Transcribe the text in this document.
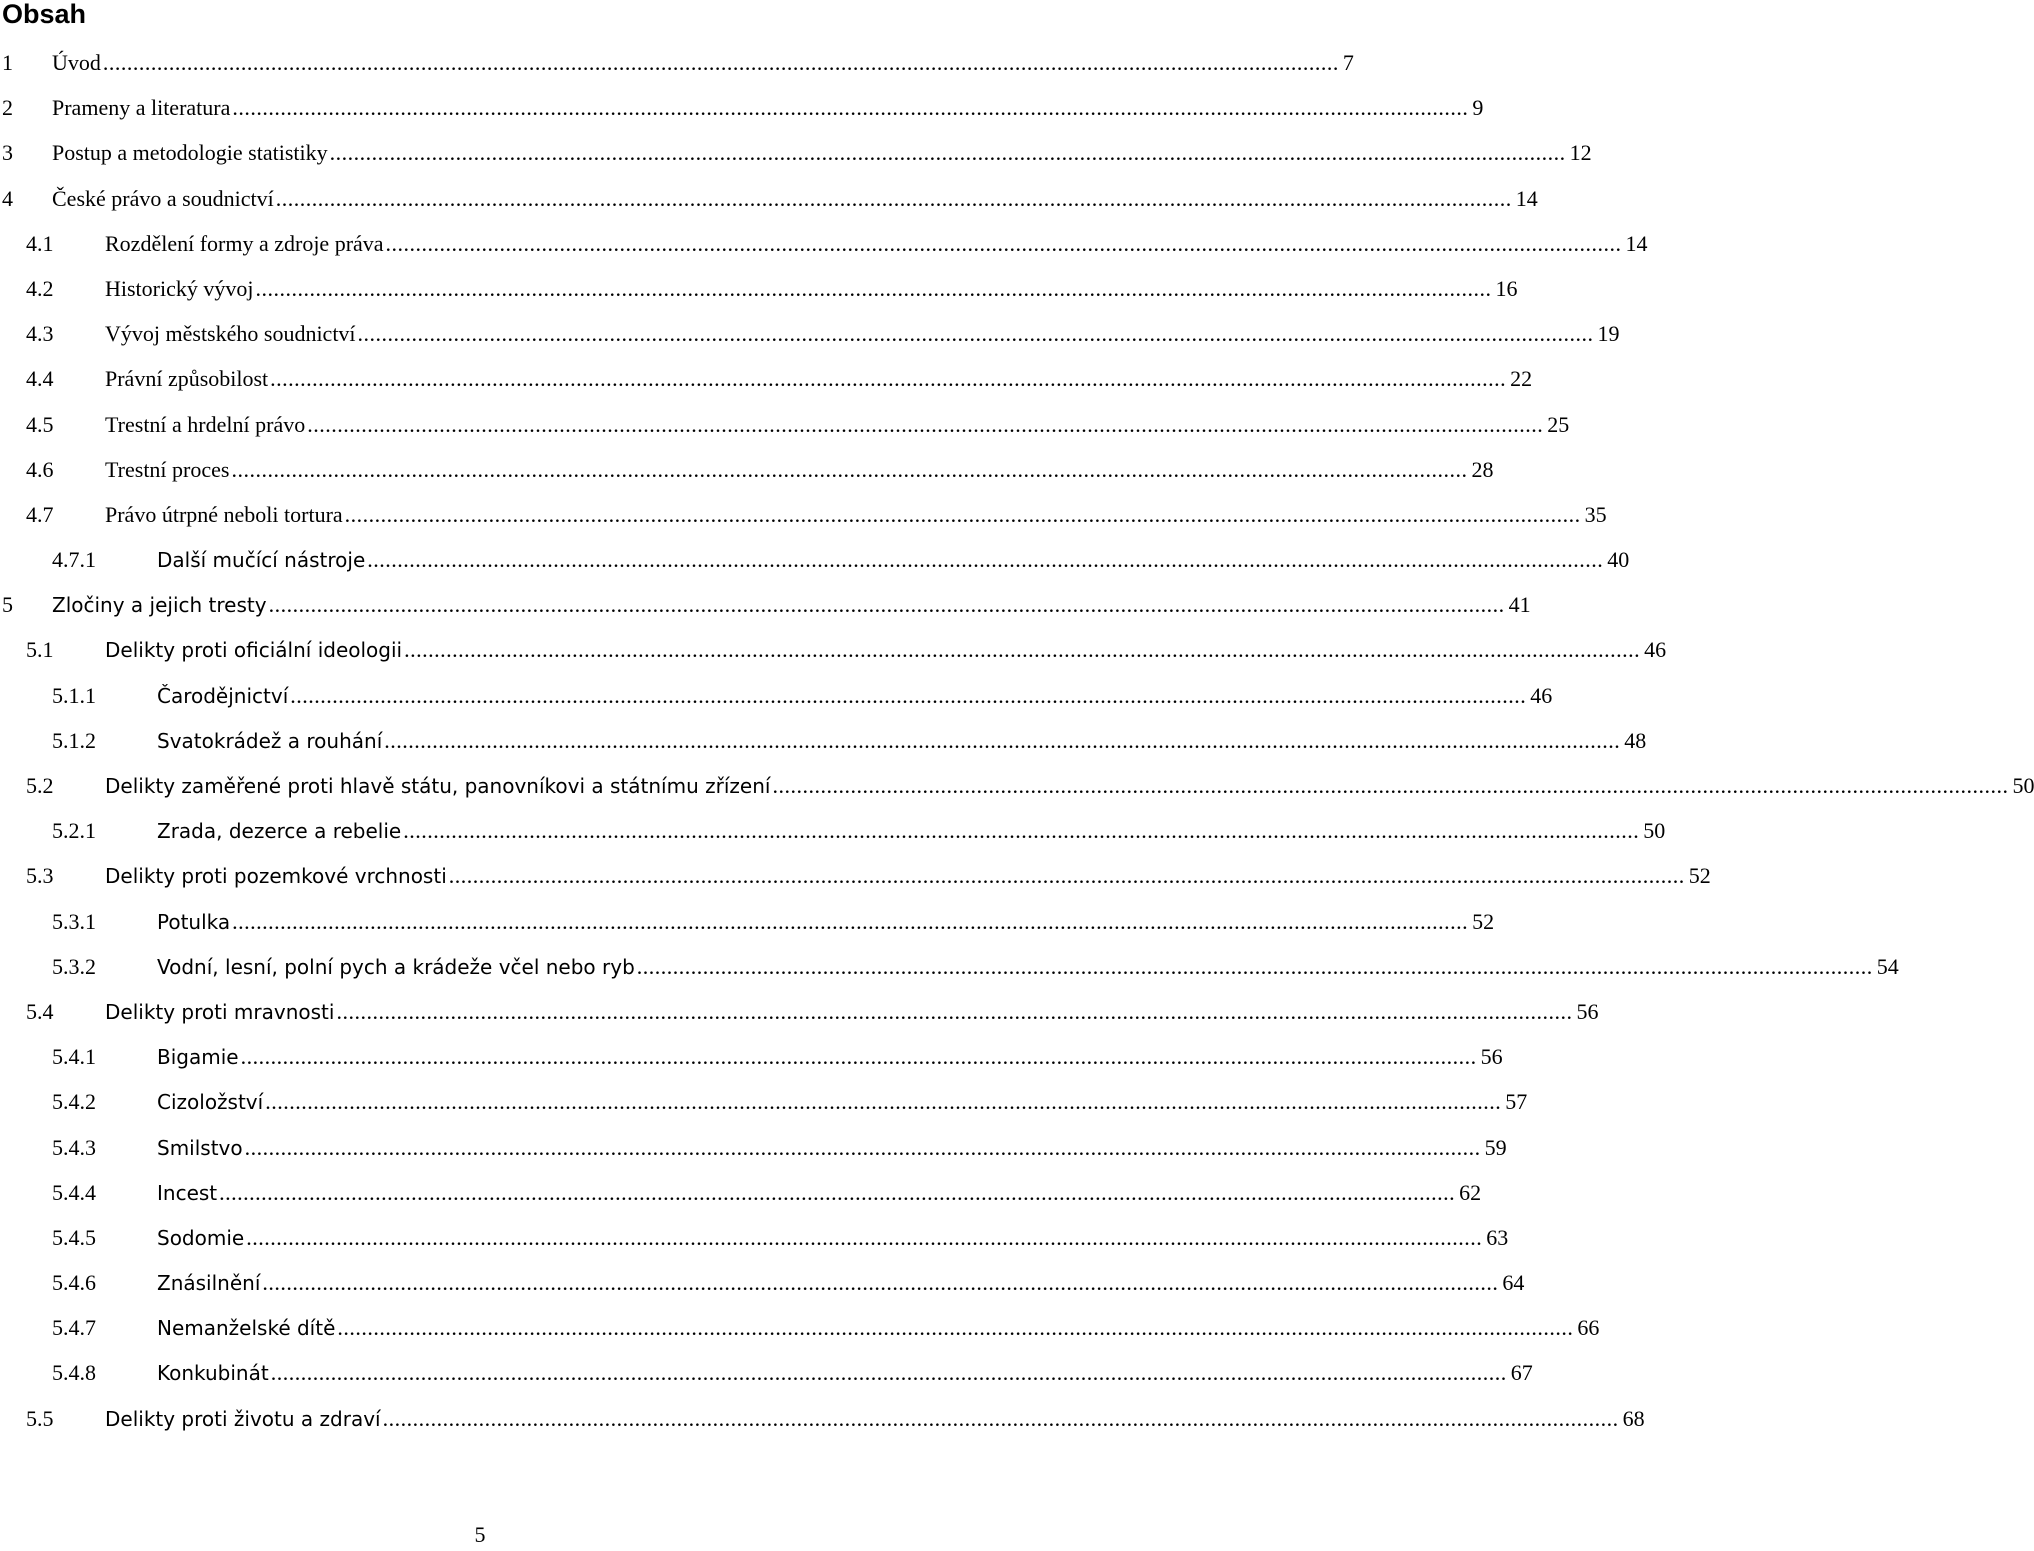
Obsah
1 Úvod .............................................................................................................................................................................................................. 7
2 Prameny a literatura .............................................................................................................................................................................................................. 9
3 Postup a metodologie statistiky .............................................................................................................................................................................................................. 12
4 České právo a soudnictví .............................................................................................................................................................................................................. 14
4.1 Rozdělení formy a zdroje práva .............................................................................................................................................................................................................. 14
4.2 Historický vývoj .............................................................................................................................................................................................................. 16
4.3 Vývoj městského soudnictví .............................................................................................................................................................................................................. 19
4.4 Právní způsobilost .............................................................................................................................................................................................................. 22
4.5 Trestní a hrdelní právo .............................................................................................................................................................................................................. 25
4.6 Trestní proces .............................................................................................................................................................................................................. 28
4.7 Právo útrpné neboli tortura .............................................................................................................................................................................................................. 35
4.7.1	Další mučící nástroje .............................................................................................................................................................................................................. 40
5 Zločiny a jejich tresty .............................................................................................................................................................................................................. 41
5.1	Delikty proti oficiální ideologii .............................................................................................................................................................................................................. 46
5.1.1	Čarodějnictví .............................................................................................................................................................................................................. 46
5.1.2	Svatokrádež a rouhání .............................................................................................................................................................................................................. 48
5.2	Delikty zaměřené proti hlavě státu, panovníkovi a státnímu zřízení .............................................................................................................................................................................................................. 50
5.2.1	Zrada, dezerce a rebelie .............................................................................................................................................................................................................. 50
5.3	Delikty proti pozemkové vrchnosti .............................................................................................................................................................................................................. 52
5.3.1	Potulka .............................................................................................................................................................................................................. 52
5.3.2	Vodní, lesní, polní pych a krádeže včel nebo ryb .............................................................................................................................................................................................................. 54
5.4	Delikty proti mravnosti .............................................................................................................................................................................................................. 56
5.4.1	Bigamie .............................................................................................................................................................................................................. 56
5.4.2	Cizoložství .............................................................................................................................................................................................................. 57
5.4.3	Smilstvo .............................................................................................................................................................................................................. 59
5.4.4	Incest .............................................................................................................................................................................................................. 62
5.4.5	Sodomie .............................................................................................................................................................................................................. 63
5.4.6	Znásilnění .............................................................................................................................................................................................................. 64
5.4.7	Nemanželské dítě .............................................................................................................................................................................................................. 66
5.4.8	Konkubinát .............................................................................................................................................................................................................. 67
5.5	Delikty proti životu a zdraví .............................................................................................................................................................................................................. 68
5
